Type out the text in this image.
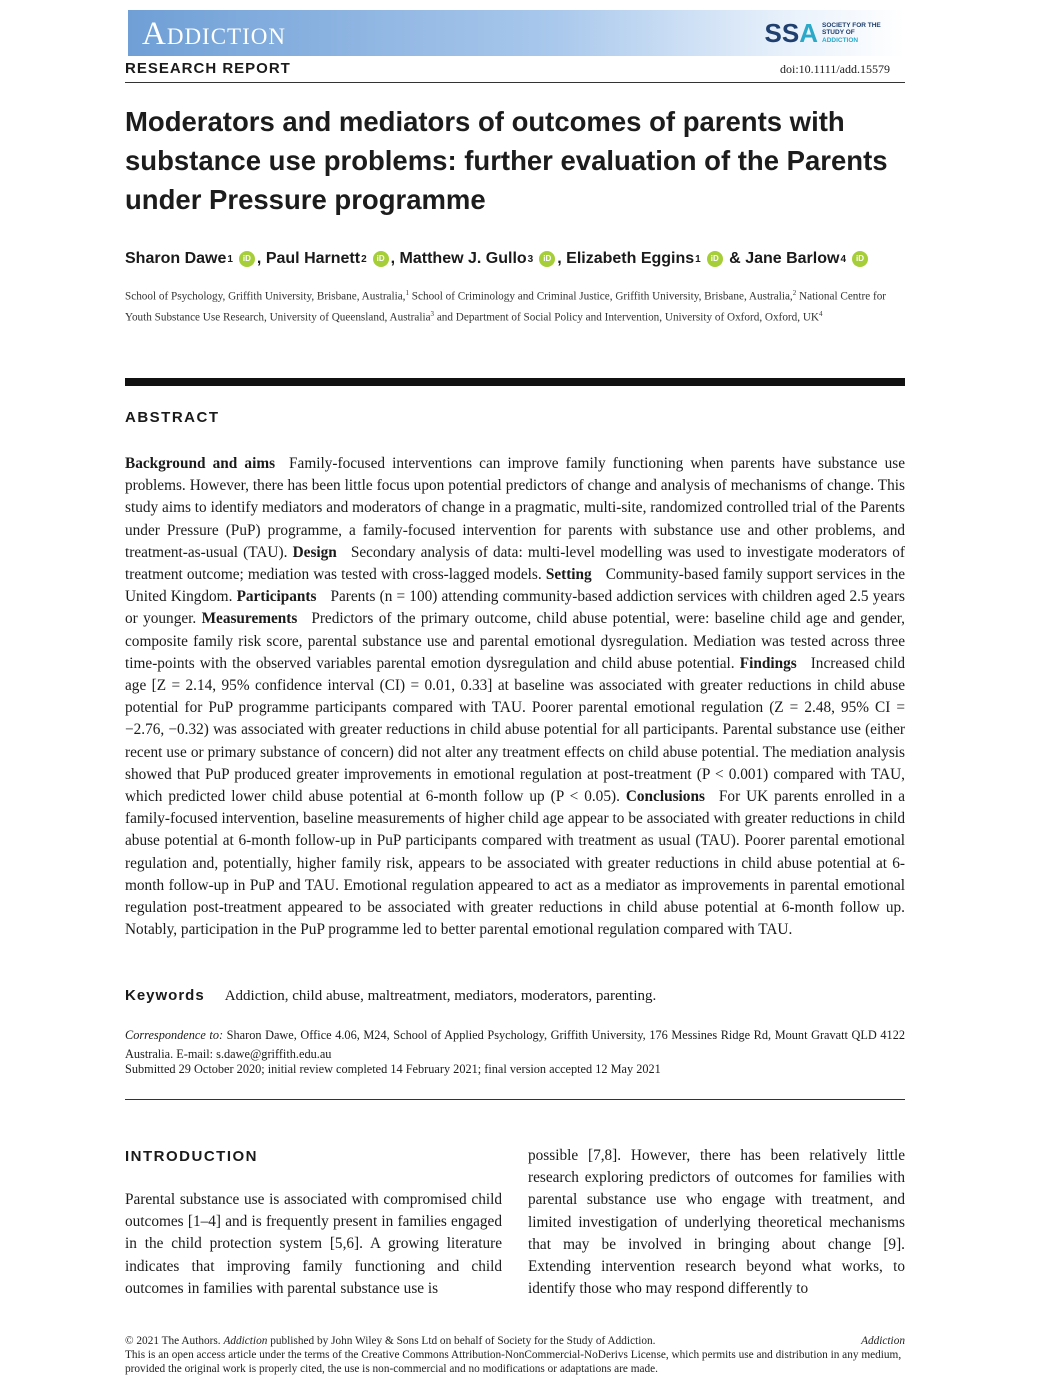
Addiction	SSA SOCIETY FOR THE
STUDY OF
ADDICTION
RESEARCH REPORT	doi:10.1111/add.15579
Moderators and mediators of outcomes of parents with substance use problems: further evaluation of the Parents under Pressure programme
Sharon Dawe 1	iD ,
Paul Harnett 2	iD ,
Matthew J. Gullo 3	iD ,
Elizabeth Eggins 1	iD
&
Jane Barlow 4	iD
School of Psychology, Griffith University, Brisbane, Australia,$^1$ School of Criminology and Criminal Justice, Griffith University, Brisbane, Australia,$^2$ National Centre for Youth Substance Use Research, University of Queensland, Australia$^3$ and Department of Social Policy and Intervention, University of Oxford, Oxford, $UK^4$
ABSTRACT
Background and aims Family-focused interventions can improve family functioning when parents have substance use problems. However, there has been little focus upon potential predictors of change and analysis of mechanisms of change. This study aims to identify mediators and moderators of change in a pragmatic, multi-site, randomized controlled trial of the Parents under Pressure (PuP) programme, a family-focused intervention for parents with substance use and other problems, and treatment-as-usual (TAU). Design Secondary analysis of data: multi-level modelling was used to investigate moderators of treatment outcome; mediation was tested with cross-lagged models. Setting Community-based family support services in the United Kingdom. Participants Parents (n = 100) attending community-based addiction services with children aged 2.5 years or younger. Measurements Predictors of the primary outcome, child abuse potential, were: baseline child age and gender, composite family risk score, parental substance use and parental emotional dysregulation. Mediation was tested across three time-points with the observed variables parental emotion dysregulation and child abuse potential. Findings Increased child age [Z = 2.14, 95% confidence interval (CI) = 0.01, 0.33] at baseline was associated with greater reductions in child abuse potential for PuP programme participants compared with TAU. Poorer parental emotional regulation (Z = 2.48, 95% CI = −2.76, −0.32) was associated with greater reductions in child abuse potential for all participants. Parental substance use (either recent use or primary substance of concern) did not alter any treatment effects on child abuse potential. The mediation analysis showed that PuP produced greater improvements in emotional regulation at post-treatment (P < 0.001) compared with TAU, which predicted lower child abuse potential at 6-month follow up (P < 0.05). Conclusions For UK parents enrolled in a family-focused intervention, baseline measurements of higher child age appear to be associated with greater reductions in child abuse potential at 6-month follow-up in PuP participants compared with treatment as usual (TAU). Poorer parental emotional regulation and, potentially, higher family risk, appears to be associated with greater reductions in child abuse potential at 6-month follow-up in PuP and TAU. Emotional regulation appeared to act as a mediator as improvements in parental emotional regulation post-treatment appeared to be associated with greater reductions in child abuse potential at 6-month follow up. Notably, participation in the PuP programme led to better parental emotional regulation compared with TAU.
Keywords Addiction, child abuse, maltreatment, mediators, moderators, parenting.
Correspondence to: Sharon Dawe, Office 4.06, M24, School of Applied Psychology, Griffith University, 176 Messines Ridge Rd, Mount Gravatt QLD 4122 Australia. E-mail: s.dawe@griffith.edu.au
Submitted 29 October 2020; initial review completed 14 February 2021; final version accepted 12 May 2021
INTRODUCTION
Parental substance use is associated with compromised child outcomes [1–4] and is frequently present in families engaged in the child protection system [5,6]. A growing literature indicates that improving family functioning and child outcomes in families with parental substance use is
possible [7,8]. However, there has been relatively little research exploring predictors of outcomes for families with parental substance use who engage with treatment, and limited investigation of underlying theoretical mechanisms that may be involved in bringing about change [9]. Extending intervention research beyond what works, to identify those who may respond differently to
© 2021 The Authors. Addiction published by John Wiley & Sons Ltd on behalf of Society for the Study of Addiction.	Addiction
This is an open access article under the terms of the Creative Commons Attribution-NonCommercial-NoDerivs License, which permits use and distribution in any medium, provided the original work is properly cited, the use is non-commercial and no modifications or adaptations are made.
